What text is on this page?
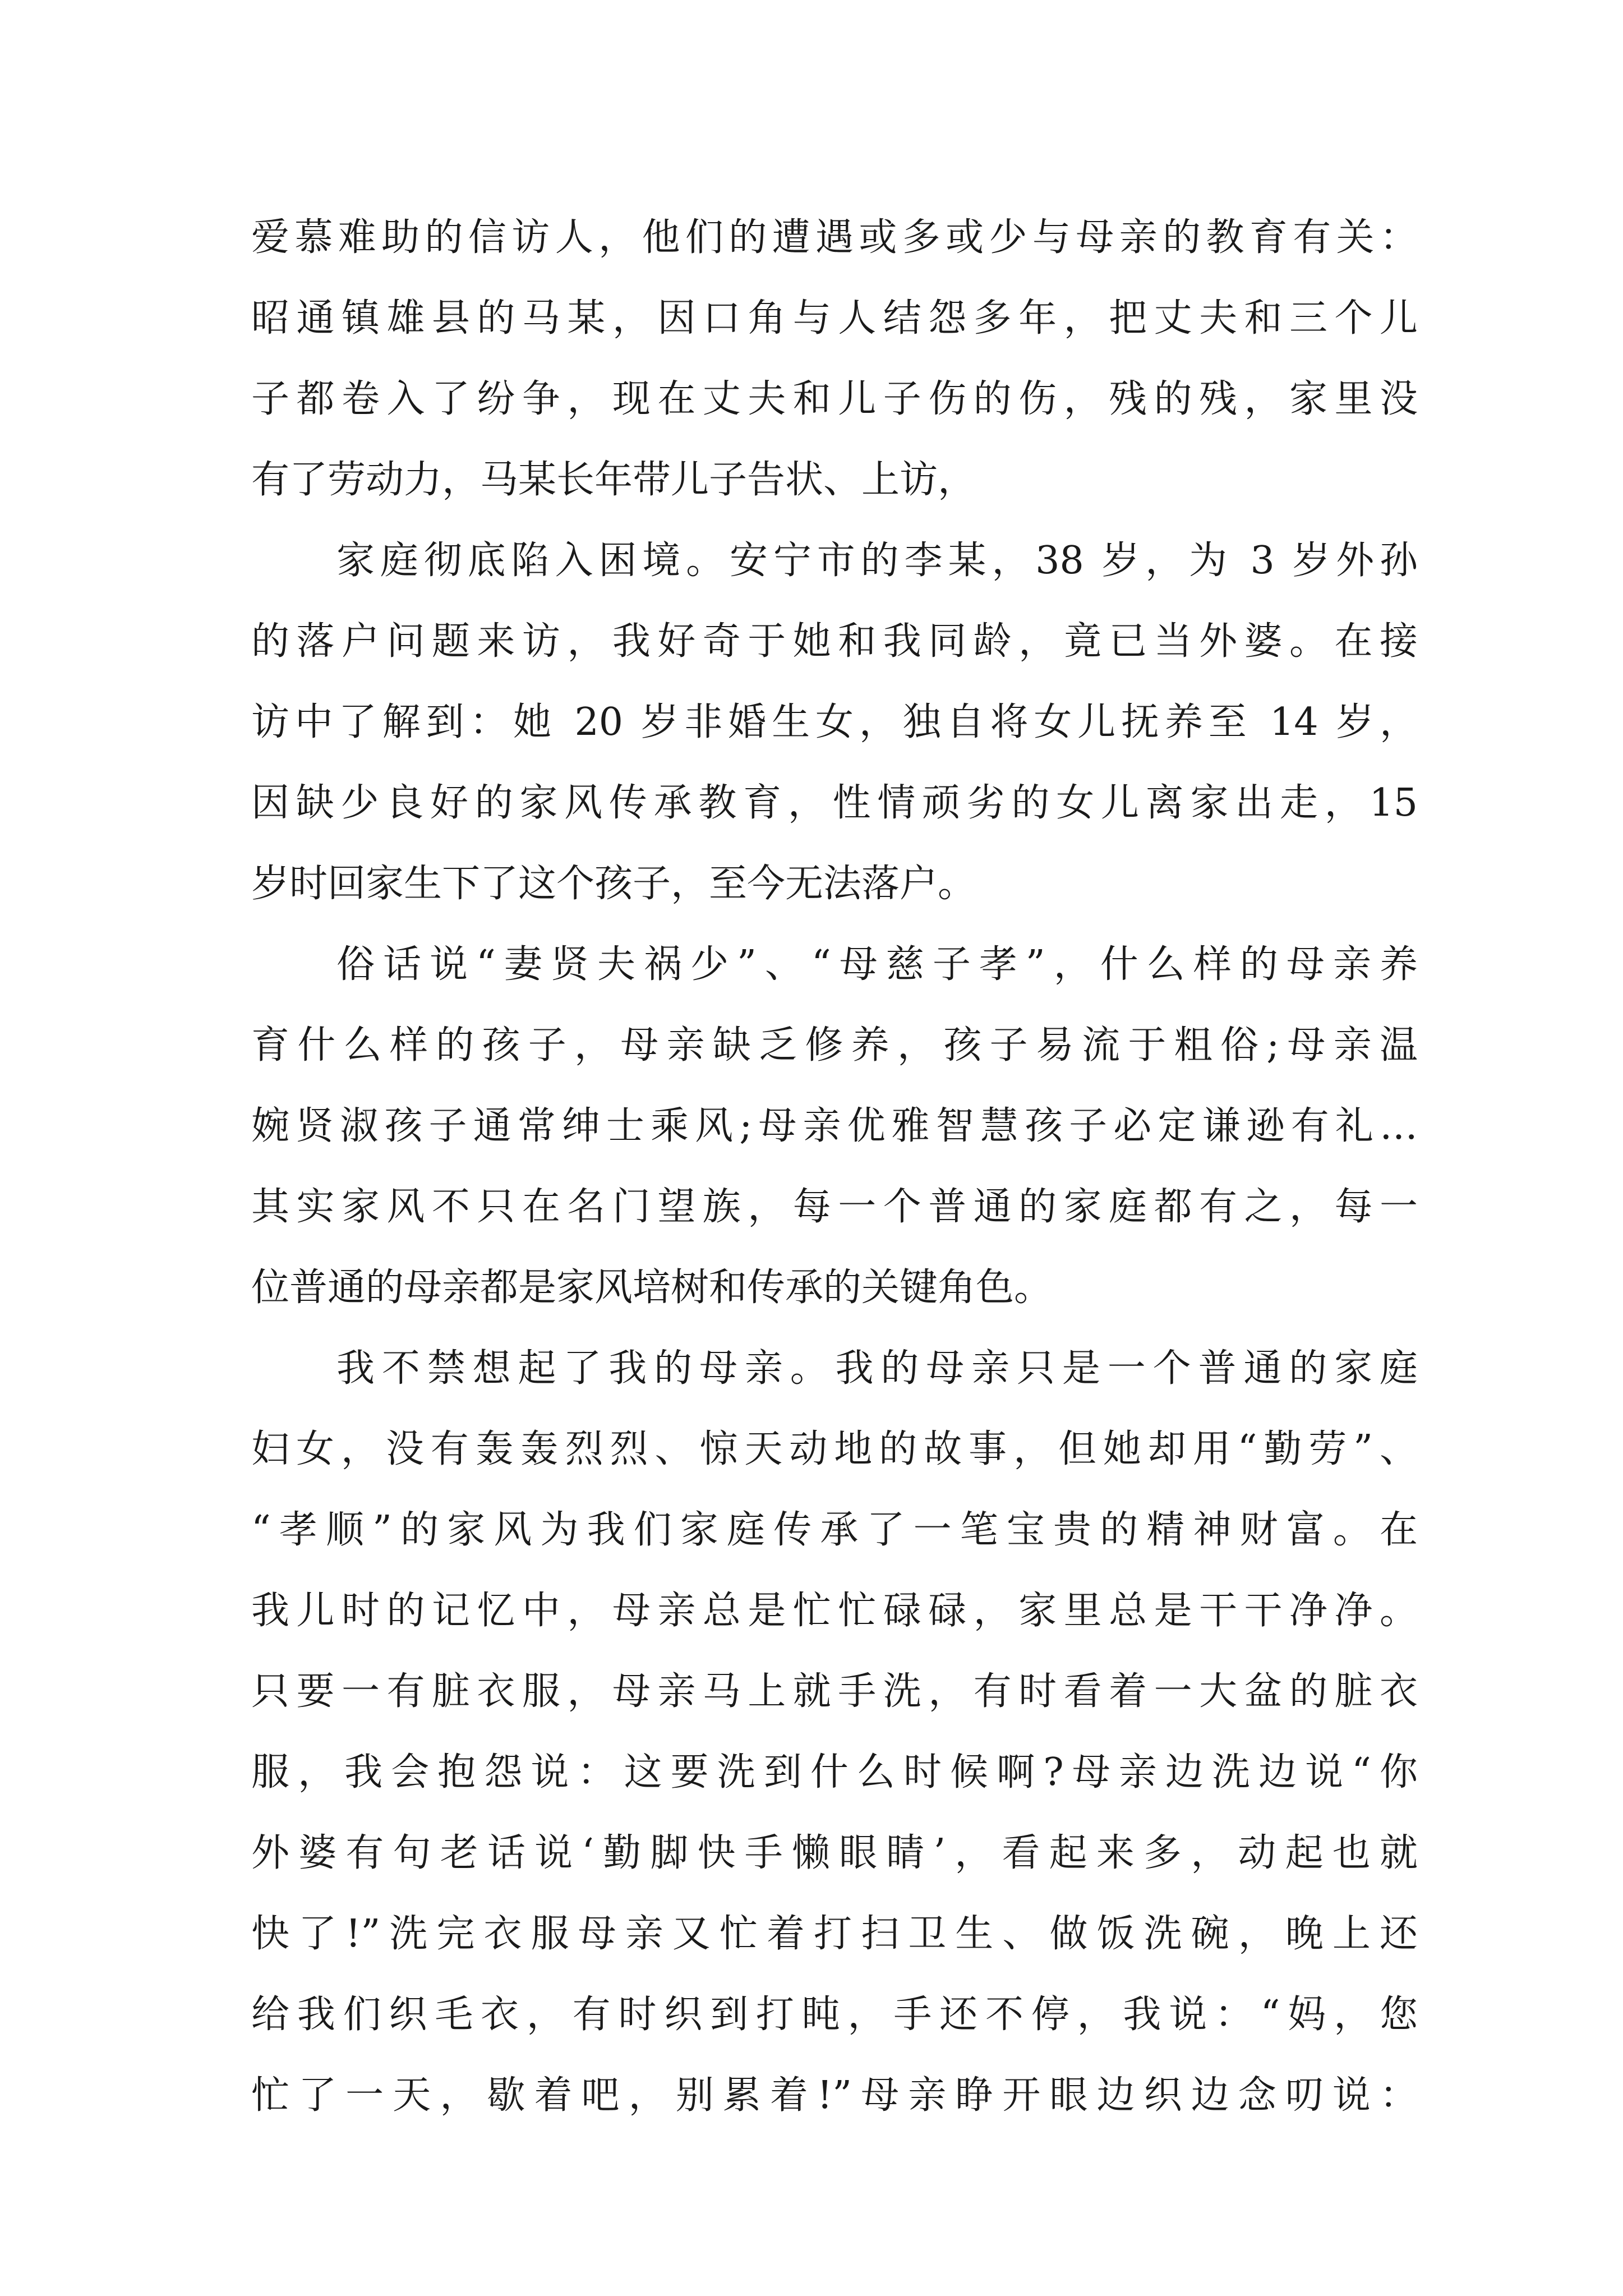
爱慕难助的信访人，他们的遭遇或多或少与母亲的教育有关：
昭通镇雄县的马某，因口角与人结怨多年，把丈夫和三个儿
子都卷入了纷争，现在丈夫和儿子伤的伤，残的残，家里没
有了劳动力，马某长年带儿子告状、上访，
家庭彻底陷入困境。安宁市的李某，38 岁，为 3 岁外孙
的落户问题来访，我好奇于她和我同龄，竟已当外婆。在接
访中了解到：她 20 岁非婚生女，独自将女儿抚养至 14 岁，
因缺少良好的家风传承教育，性情顽劣的女儿离家出走，15
岁时回家生下了这个孩子，至今无法落户。
俗话说“妻贤夫祸少”、“母慈子孝”，什么样的母亲养
育什么样的孩子，母亲缺乏修养，孩子易流于粗俗;母亲温
婉贤淑孩子通常绅士乘风;母亲优雅智慧孩子必定谦逊有礼…
其实家风不只在名门望族，每一个普通的家庭都有之，每一
位普通的母亲都是家风培树和传承的关键角色。
我不禁想起了我的母亲。我的母亲只是一个普通的家庭
妇女，没有轰轰烈烈、惊天动地的故事，但她却用“勤劳”、
“孝顺”的家风为我们家庭传承了一笔宝贵的精神财富。在
我儿时的记忆中，母亲总是忙忙碌碌，家里总是干干净净。
只要一有脏衣服，母亲马上就手洗，有时看着一大盆的脏衣
服，我会抱怨说：这要洗到什么时候啊?母亲边洗边说“你
外婆有句老话说‘勤脚快手懒眼睛’，看起来多，动起也就
快了!”洗完衣服母亲又忙着打扫卫生、做饭洗碗，晚上还
给我们织毛衣，有时织到打盹，手还不停，我说：“妈，您
忙了一天，歇着吧，别累着!”母亲睁开眼边织边念叨说：
